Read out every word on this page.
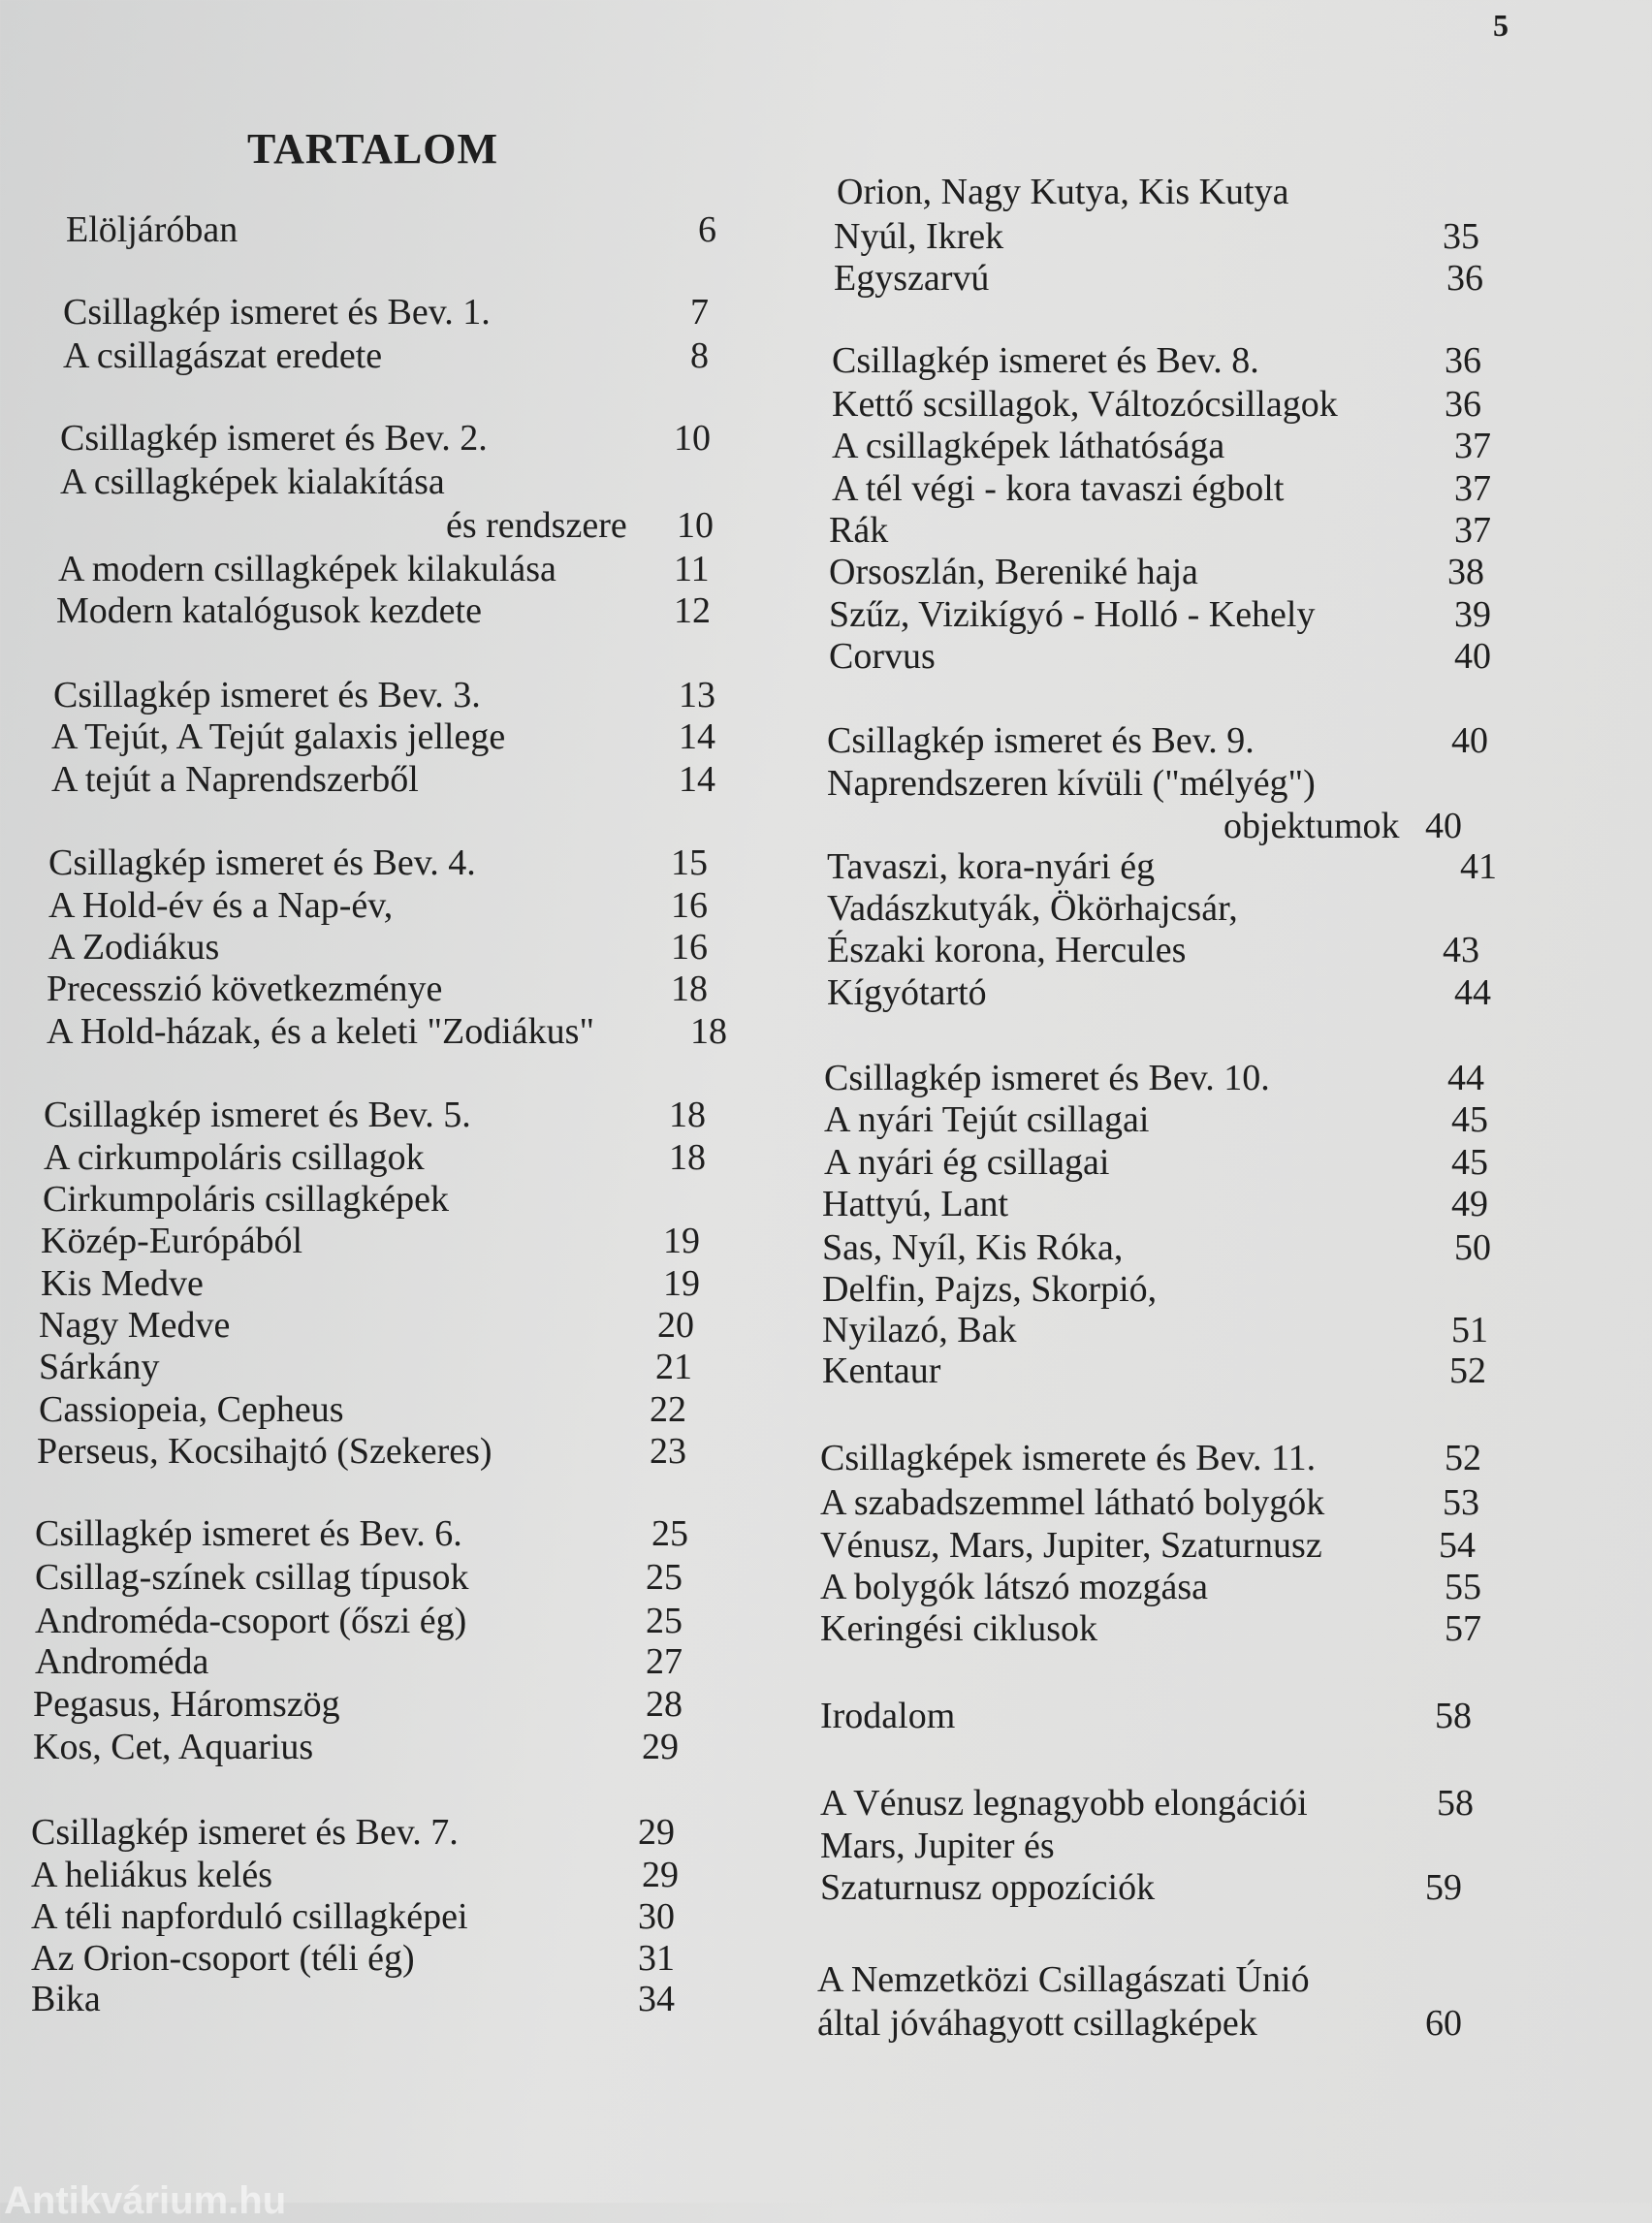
5
TARTALOM
Elöljáróban	6
Csillagkép ismeret és Bev. 1.	7
A csillagászat eredete	8
Csillagkép ismeret és Bev. 2.	10
A csillagképek kialakítása
és rendszere 10
A modern csillagképek kilakulása	11
Modern katalógusok kezdete	12
Csillagkép ismeret és Bev. 3.	13
A Tejút, A Tejút galaxis jellege	14
A tejút a Naprendszerből	14
Csillagkép ismeret és Bev. 4.	15
A Hold-év és a Nap-év,	16
A Zodiákus	16
Precesszió következménye	18
A Hold-házak, és a keleti "Zodiákus"	18
Csillagkép ismeret és Bev. 5.	18
A cirkumpoláris csillagok	18
Cirkumpoláris csillagképek
Közép-Európából	19
Kis Medve	19
Nagy Medve	20
Sárkány	21
Cassiopeia, Cepheus	22
Perseus, Kocsihajtó (Szekeres)	23
Csillagkép ismeret és Bev. 6.	25
Csillag-színek csillag típusok	25
Androméda-csoport (őszi ég)	25
Androméda	27
Pegasus, Háromszög	28
Kos, Cet, Aquarius	29
Csillagkép ismeret és Bev. 7.	29
A heliákus kelés	29
A téli napforduló csillagképei	30
Az Orion-csoport (téli ég)	31
Bika	34
Orion, Nagy Kutya, Kis Kutya
Nyúl, Ikrek	35
Egyszarvú	36
Csillagkép ismeret és Bev. 8.	36
Kettő scsillagok, Változócsillagok	36
A csillagképek láthatósága	37
A tél végi - kora tavaszi égbolt	37
Rák	37
Orsoszlán, Bereniké haja	38
Szűz, Vizikígyó - Holló - Kehely	39
Corvus	40
Csillagkép ismeret és Bev. 9.	40
Naprendszeren kívüli ("mélyég")
objektumok 40
Tavaszi, kora-nyári ég	41
Vadászkutyák, Ökörhajcsár,
Északi korona, Hercules	43
Kígyótartó	44
Csillagkép ismeret és Bev. 10.	44
A nyári Tejút csillagai	45
A nyári ég csillagai	45
Hattyú, Lant	49
Sas, Nyíl, Kis Róka,	50
Delfin, Pajzs, Skorpió,
Nyilazó, Bak	51
Kentaur	52
Csillagképek ismerete és Bev. 11.	52
A szabadszemmel látható bolygók	53
Vénusz, Mars, Jupiter, Szaturnusz	54
A bolygók látszó mozgása	55
Keringési ciklusok	57
Irodalom	58
A Vénusz legnagyobb elongációi	58
Mars, Jupiter és
Szaturnusz oppozíciók	59
A Nemzetközi Csillagászati Únió
által jóváhagyott csillagképek	60
Antikvárium.hu
